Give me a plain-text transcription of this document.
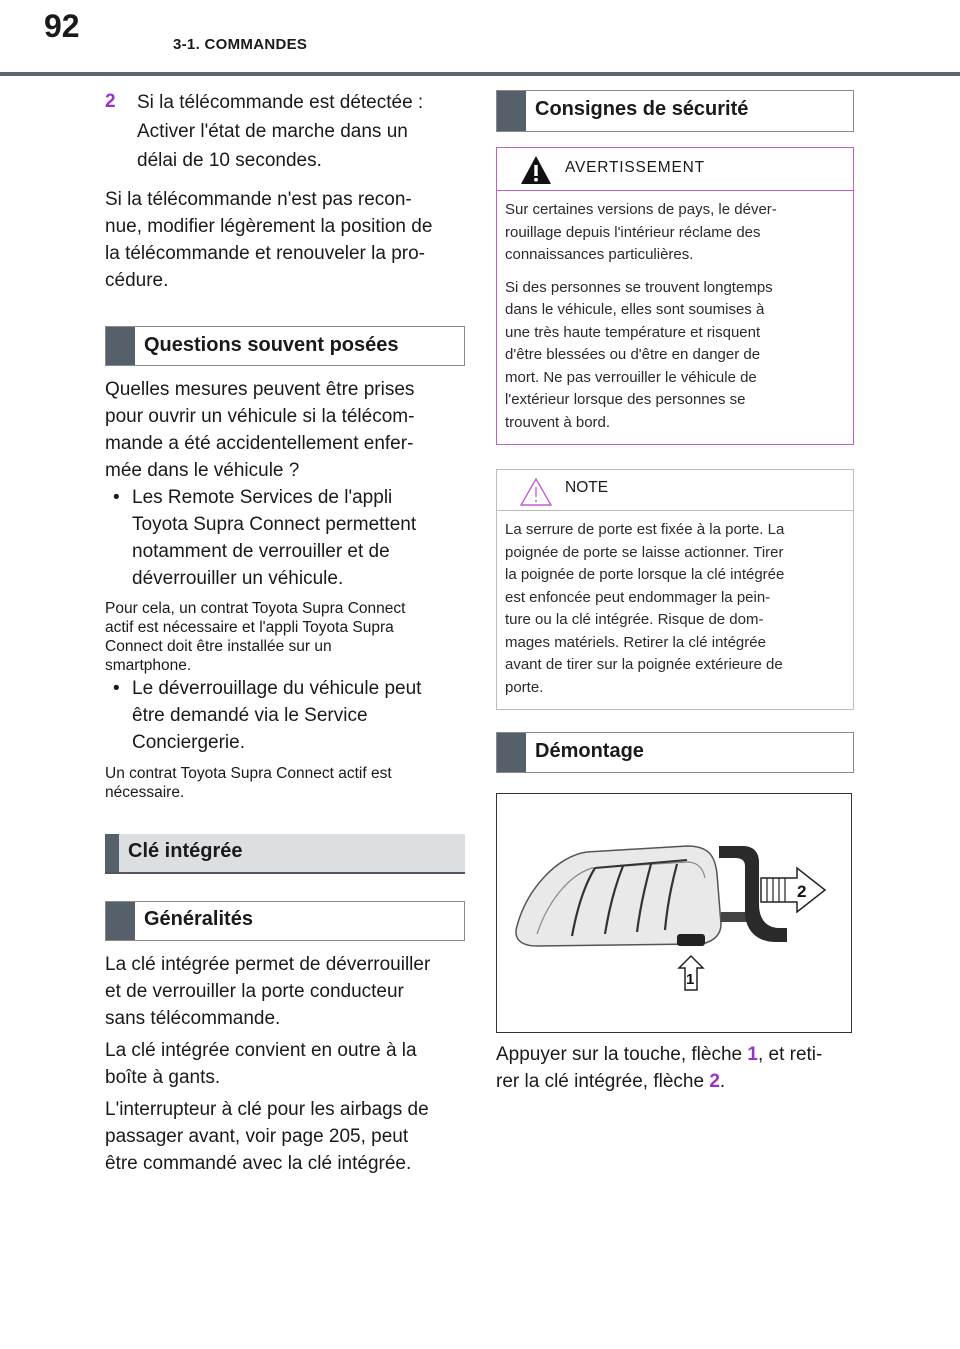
92
3-1. COMMANDES
2	Si la télécommande est détectée :
Activer l'état de marche dans un
délai de 10 secondes.
Si la télécommande n'est pas recon-
nue, modifier légèrement la position de
la télécommande et renouveler la pro-
cédure.
Questions souvent posées
Quelles mesures peuvent être prises
pour ouvrir un véhicule si la télécom-
mande a été accidentellement enfer-
mée dans le véhicule ?
• Les Remote Services de l'appli
Toyota Supra Connect permettent
notamment de verrouiller et de
déverrouiller un véhicule.
Pour cela, un contrat Toyota Supra Connect
actif est nécessaire et l'appli Toyota Supra
Connect doit être installée sur un
smartphone.
• Le déverrouillage du véhicule peut
être demandé via le Service
Conciergerie.
Un contrat Toyota Supra Connect actif est
nécessaire.
Clé intégrée
Généralités
La clé intégrée permet de déverrouiller
et de verrouiller la porte conducteur
sans télécommande.
La clé intégrée convient en outre à la
boîte à gants.
L'interrupteur à clé pour les airbags de
passager avant, voir page 205, peut
être commandé avec la clé intégrée.
Consignes de sécurité
AVERTISSEMENT

Sur certaines versions de pays, le déver-
rouillage depuis l'intérieur réclame des
connaissances particulières.

Si des personnes se trouvent longtemps
dans le véhicule, elles sont soumises à
une très haute température et risquent
d'être blessées ou d'être en danger de
mort. Ne pas verrouiller le véhicule de
l'extérieur lorsque des personnes se
trouvent à bord.

NOTE

La serrure de porte est fixée à la porte. La
poignée de porte se laisse actionner. Tirer
la poignée de porte lorsque la clé intégrée
est enfoncée peut endommager la pein-
ture ou la clé intégrée. Risque de dom-
mages matériels. Retirer la clé intégrée
avant de tirer sur la poignée extérieure de
porte.

Démontage
2
1
Appuyer sur la touche, flèche 1, et reti-
rer la clé intégrée, flèche 2.
